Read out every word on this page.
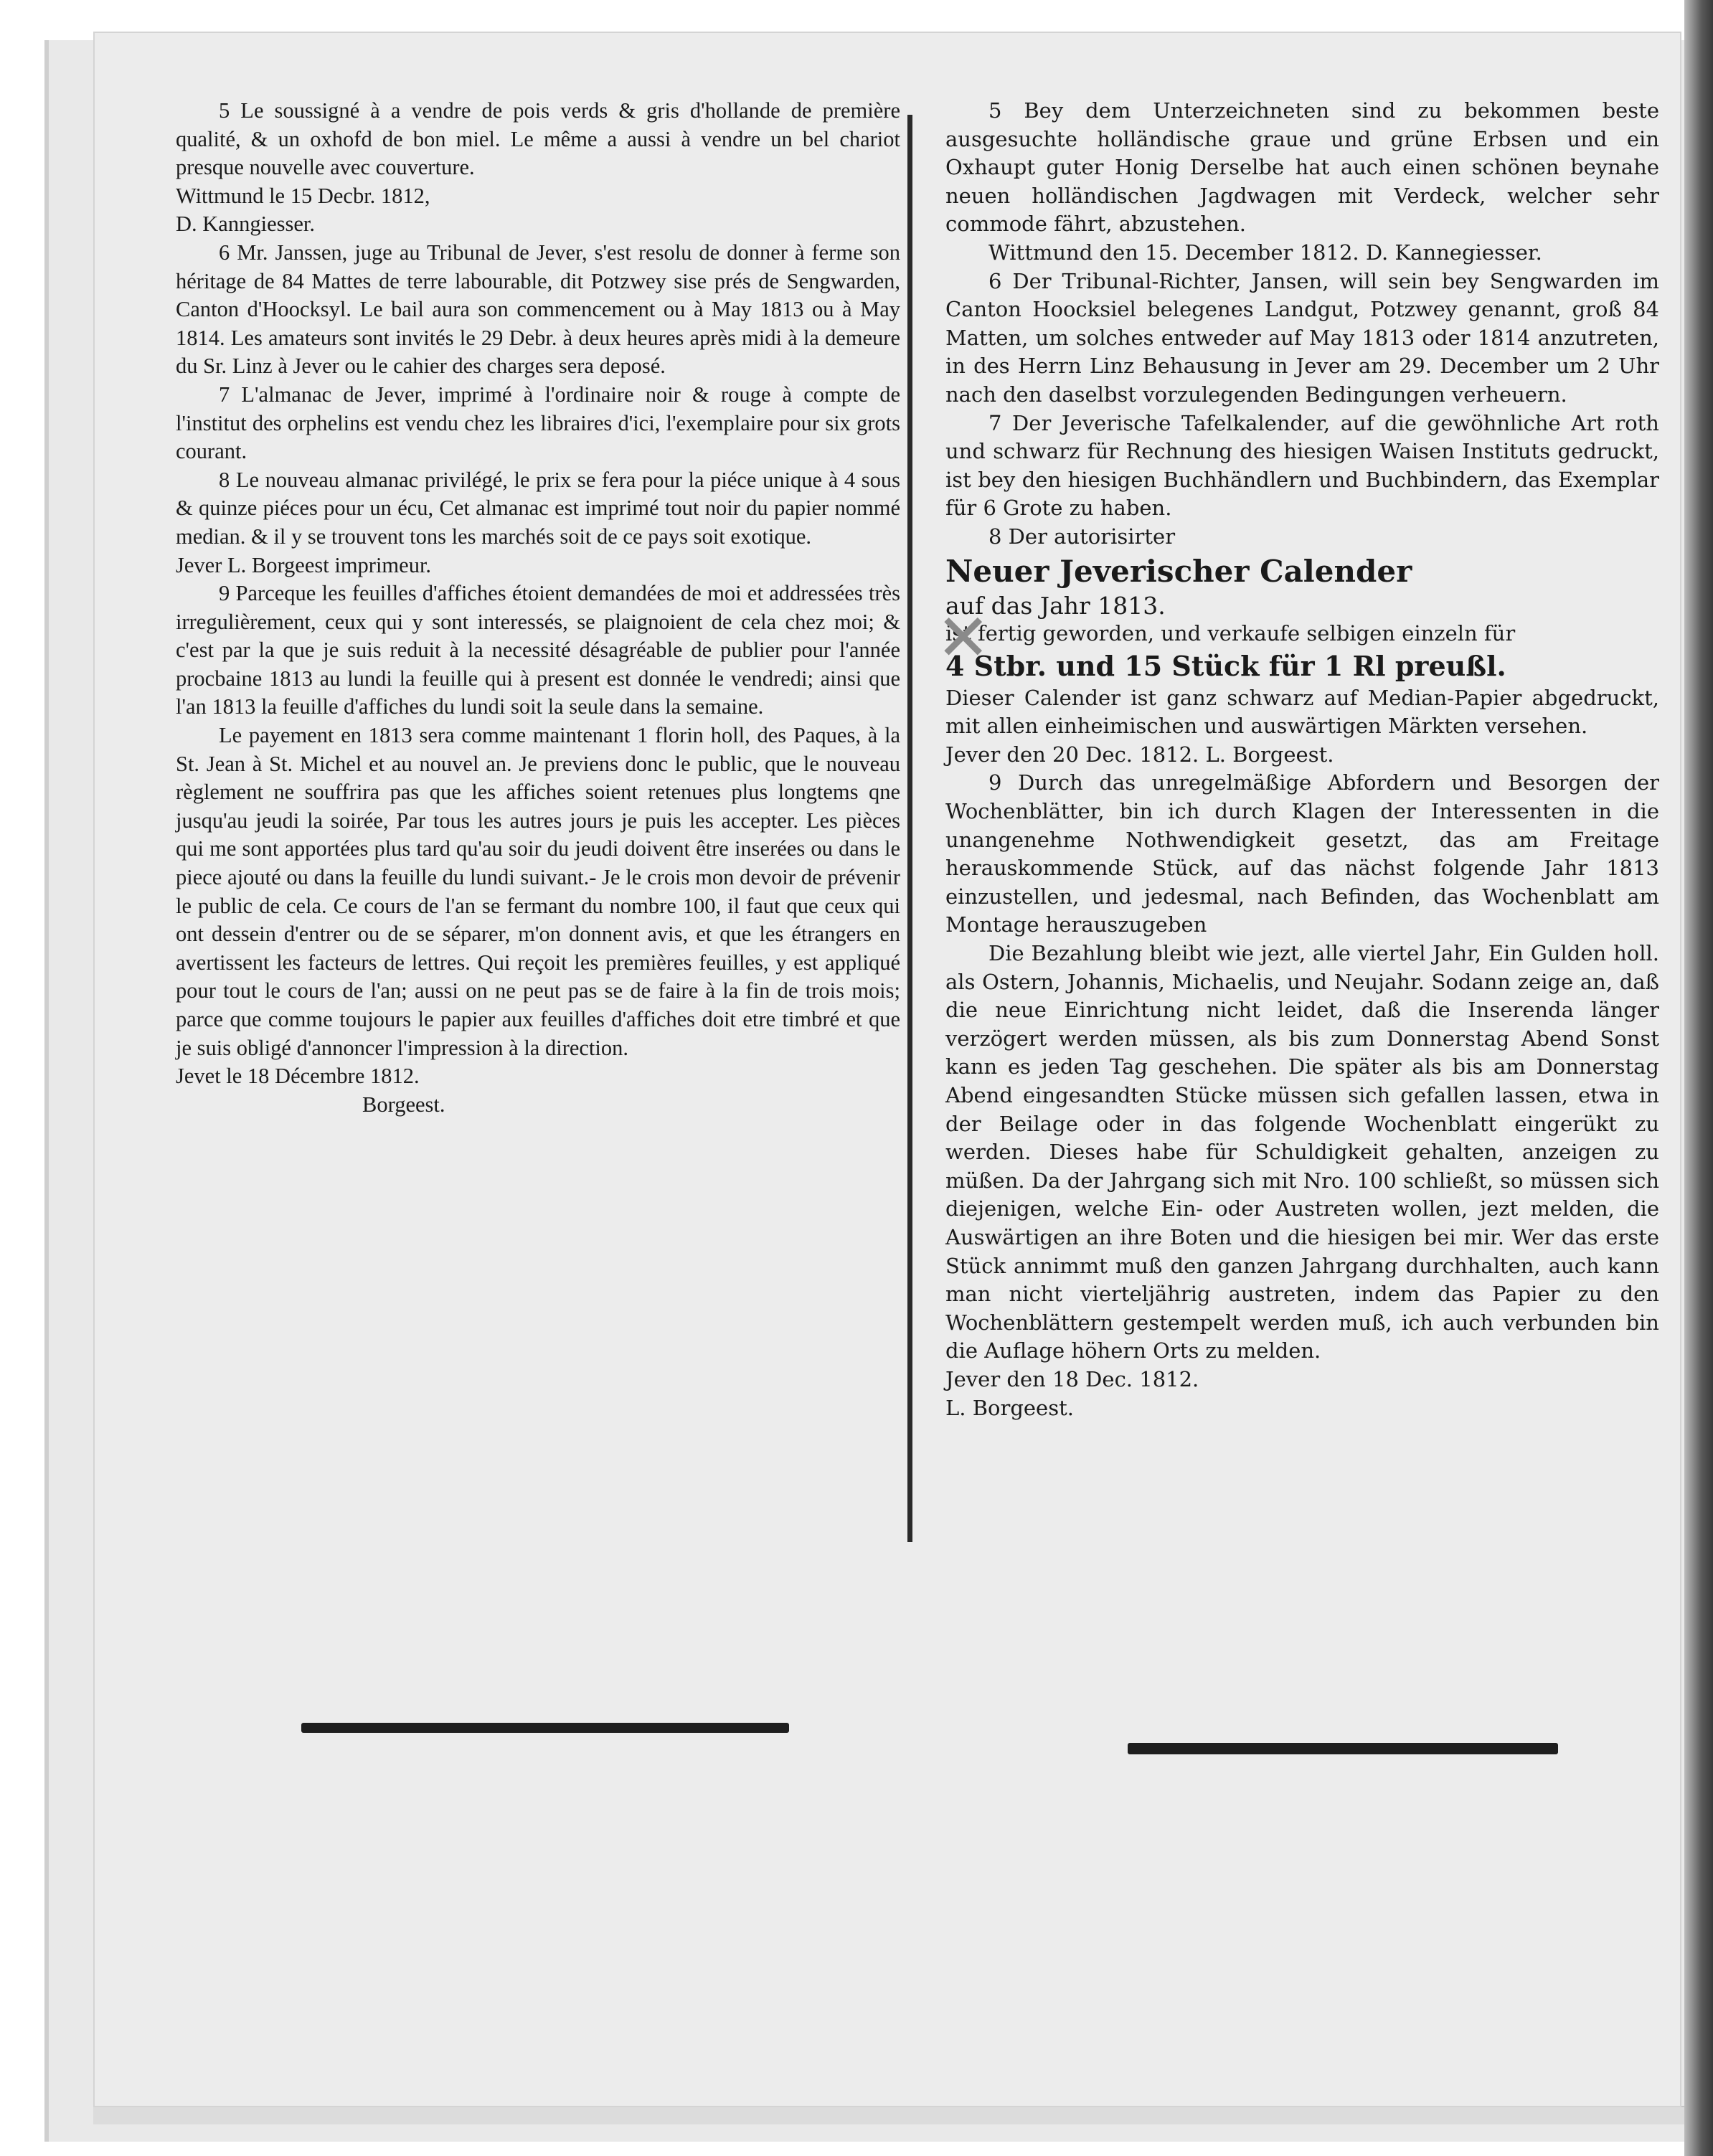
5 Le soussigné à a vendre de pois verds & gris d'hollande de première qualité, & un oxhofd de bon miel. Le même a aussi à vendre un bel chariot presque nouvelle avec couverture.

Wittmund le 15 Decbr. 1812,

D. Kanngiesser.

6 Mr. Janssen, juge au Tribunal de Jever, s'est resolu de donner à ferme son héritage de 84 Mattes de terre labourable, dit Potzwey sise prés de Sengwarden, Canton d'Hoocksyl. Le bail aura son commencement ou à May 1813 ou à May 1814. Les amateurs sont invités le 29 Debr. à deux heures après midi à la demeure du Sr. Linz à Jever ou le cahier des charges sera deposé.

7 L'almanac de Jever, imprimé à l'ordinaire noir & rouge à compte de l'institut des orphelins est vendu chez les libraires d'ici, l'exemplaire pour six grots courant.

8 Le nouveau almanac privilégé, le prix se fera pour la piéce unique à 4 sous & quinze piéces pour un écu, Cet almanac est imprimé tout noir du papier nommé median. & il y se trouvent tons les marchés soit de ce pays soit exotique.

Jever L. Borgeest imprimeur.

9 Parceque les feuilles d'affiches étoient demandées de moi et addressées très irregulièrement, ceux qui y sont interessés, se plaignoient de cela chez moi; & c'est par la que je suis reduit à la necessité désagréable de publier pour l'année procbaine 1813 au lundi la feuille qui à present est donnée le vendredi; ainsi que l'an 1813 la feuille d'affiches du lundi soit la seule dans la semaine.

Le payement en 1813 sera comme maintenant 1 florin holl, des Paques, à la St. Jean à St. Michel et au nouvel an. Je previens donc le public, que le nouveau règlement ne souffrira pas que les affiches soient retenues plus longtems qne jusqu'au jeudi la soirée, Par tous les autres jours je puis les accepter. Les pièces qui me sont apportées plus tard qu'au soir du jeudi doivent être inserées ou dans le piece ajouté ou dans la feuille du lundi suivant.- Je le crois mon devoir de prévenir le public de cela. Ce cours de l'an se fermant du nombre 100, il faut que ceux qui ont dessein d'entrer ou de se séparer, m'on donnent avis, et que les étrangers en avertissent les facteurs de lettres. Qui reçoit les premières feuilles, y est appliqué pour tout le cours de l'an; aussi on ne peut pas se de faire à la fin de trois mois; parce que comme toujours le papier aux feuilles d'affiches doit etre timbré et que je suis obligé d'annoncer l'impression à la direction.

Jevet le 18 Décembre 1812.

Borgeest.

5 Bey dem Unterzeichneten sind zu bekommen beste ausgesuchte holländische graue und grüne Erbsen und ein Oxhaupt guter Honig Derselbe hat auch einen schönen beynahe neuen holländischen Jagdwagen mit Verdeck, welcher sehr commode fährt, abzustehen.

Wittmund den 15. December 1812. D. Kannegiesser.

6 Der Tribunal-Richter, Jansen, will sein bey Sengwarden im Canton Hoocksiel belegenes Landgut, Potzwey genannt, groß 84 Matten, um solches entweder auf May 1813 oder 1814 anzutreten, in des Herrn Linz Behausung in Jever am 29. December um 2 Uhr nach den daselbst vorzulegenden Bedingungen verheuern.

7 Der Jeverische Tafelkalender, auf die gewöhnliche Art roth und schwarz für Rechnung des hiesigen Waisen Instituts gedruckt, ist bey den hiesigen Buchhändlern und Buchbindern, das Exemplar für 6 Grote zu haben.

8 Der autorisirter

Neuer Jeverischer Calender

auf das Jahr 1813.

ist fertig geworden, und verkaufe selbigen einzeln für

4 Stbr. und 15 Stück für 1 Rl preußl.

Dieser Calender ist ganz schwarz auf Median-Papier abgedruckt, mit allen einheimischen und auswärtigen Märkten versehen.

Jever den 20 Dec. 1812. L. Borgeest.

9 Durch das unregelmäßige Abfordern und Besorgen der Wochenblätter, bin ich durch Klagen der Interessenten in die unangenehme Nothwendigkeit gesetzt, das am Freitage herauskommende Stück, auf das nächst folgende Jahr 1813 einzustellen, und jedesmal, nach Befinden, das Wochenblatt am Montage herauszugeben

Die Bezahlung bleibt wie jezt, alle viertel Jahr, Ein Gulden holl. als Ostern, Johannis, Michaelis, und Neujahr. Sodann zeige an, daß die neue Einrichtung nicht leidet, daß die Inserenda länger verzögert werden müssen, als bis zum Donnerstag Abend Sonst kann es jeden Tag geschehen. Die später als bis am Donnerstag Abend eingesandten Stücke müssen sich gefallen lassen, etwa in der Beilage oder in das folgende Wochenblatt eingerükt zu werden. Dieses habe für Schuldigkeit gehalten, anzeigen zu müßen. Da der Jahrgang sich mit Nro. 100 schließt, so müssen sich diejenigen, welche Ein- oder Austreten wollen, jezt melden, die Auswärtigen an ihre Boten und die hiesigen bei mir. Wer das erste Stück annimmt muß den ganzen Jahrgang durchhalten, auch kann man nicht vierteljährig austreten, indem das Papier zu den Wochenblättern gestempelt werden muß, ich auch verbunden bin die Auflage höhern Orts zu melden.

Jever den 18 Dec. 1812.

L. Borgeest.

✕
